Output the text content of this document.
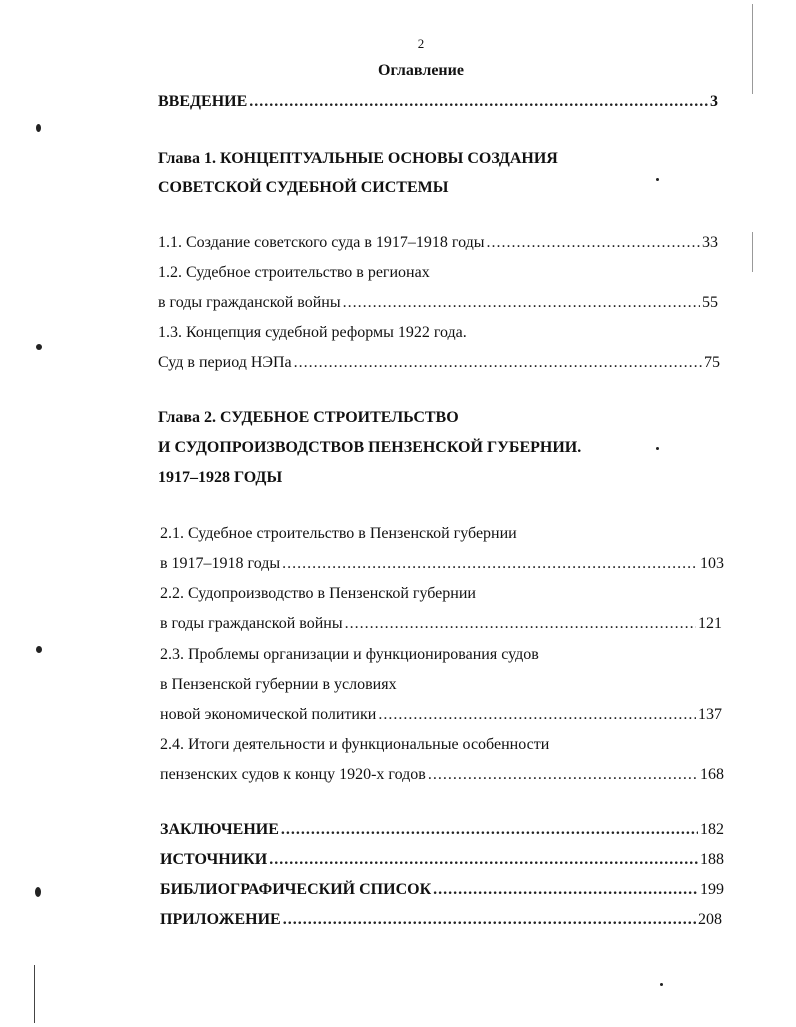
2
Оглавление
ВВЕДЕНИЕ .....	3
Глава 1. КОНЦЕПТУАЛЬНЫЕ ОСНОВЫ СОЗДАНИЯ
СОВЕТСКОЙ СУДЕБНОЙ СИСТЕМЫ
1.1. Создание советского суда в 1917–1918 годы .....	33
1.2. Судебное строительство в регионах
в годы гражданской войны .....	55
1.3. Концепция судебной реформы 1922 года.
Суд в период НЭПа .....	75
Глава 2. СУДЕБНОЕ СТРОИТЕЛЬСТВО
И СУДОПРОИЗВОДСТВОВ ПЕНЗЕНСКОЙ ГУБЕРНИИ.
1917–1928 ГОДЫ
2.1. Судебное строительство в Пензенской губернии
в 1917–1918 годы .....	103
2.2. Судопроизводство в Пензенской губернии
в годы гражданской войны .....	121
2.3. Проблемы организации и функционирования судов
в Пензенской губернии в условиях
новой экономической политики .....	137
2.4. Итоги деятельности и функциональные особенности
пензенских судов к концу 1920-х годов .....	168
ЗАКЛЮЧЕНИЕ .....	182
ИСТОЧНИКИ .....	188
БИБЛИОГРАФИЧЕСКИЙ СПИСОК .....	199
ПРИЛОЖЕНИЕ .....	208
